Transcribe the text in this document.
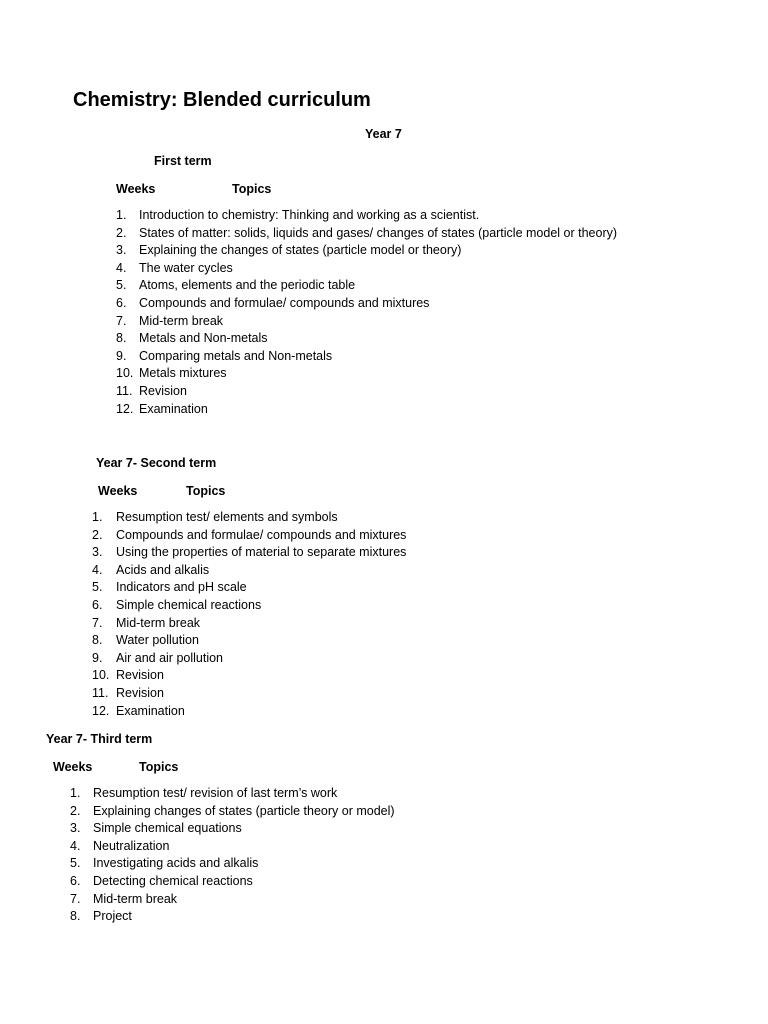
Chemistry: Blended curriculum
Year 7
First term
Weeks	Topics
1. Introduction to chemistry: Thinking and working as a scientist.
2. States of matter: solids, liquids and gases/ changes of states (particle model or theory)
3. Explaining the changes of states (particle model or theory)
4. The water cycles
5. Atoms, elements and the periodic table
6. Compounds and formulae/ compounds and mixtures
7. Mid-term break
8. Metals and Non-metals
9. Comparing metals and Non-metals
10. Metals mixtures
11. Revision
12. Examination
Year 7- Second term
Weeks	Topics
1. Resumption test/ elements and symbols
2. Compounds and formulae/ compounds and mixtures
3. Using the properties of material to separate mixtures
4. Acids and alkalis
5. Indicators and pH scale
6. Simple chemical reactions
7. Mid-term break
8. Water pollution
9. Air and air pollution
10. Revision
11. Revision
12. Examination
Year 7- Third term
Weeks	Topics
1. Resumption test/ revision of last term’s work
2. Explaining changes of states (particle theory or model)
3. Simple chemical equations
4. Neutralization
5. Investigating acids and alkalis
6. Detecting chemical reactions
7. Mid-term break
8. Project
